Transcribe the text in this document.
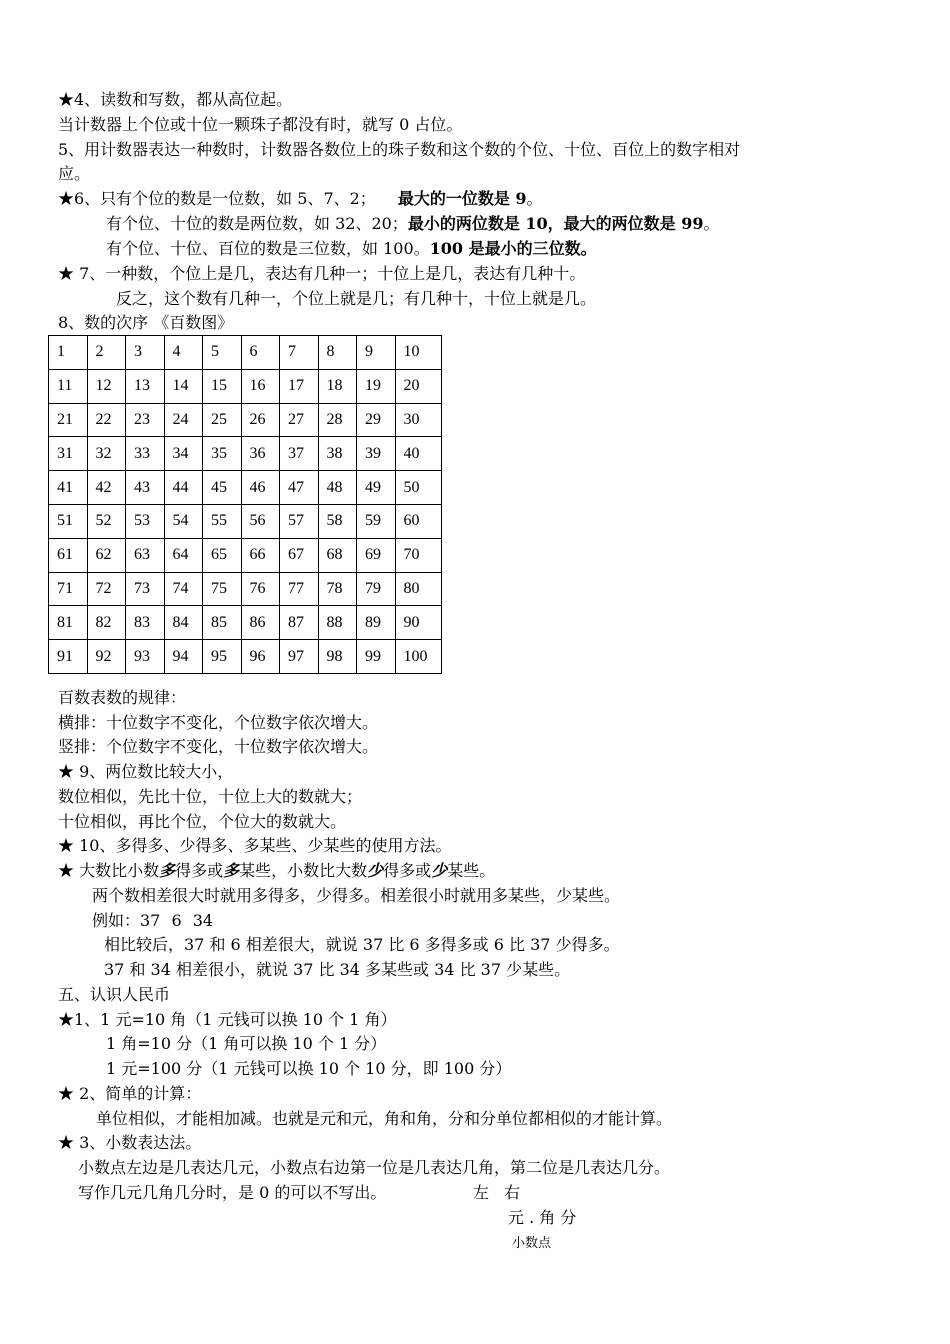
★4、读数和写数，都从高位起。
当计数器上个位或十位一颗珠子都没有时，就写 0 占位。
5、用计数器表达一种数时，计数器各数位上的珠子数和这个数的个位、十位、百位上的数字相对
应。
★6、只有个位的数是一位数，如 5、7、2； 最大的一位数是 9。
有个位、十位的数是两位数，如 32、20；最小的两位数是 10，最大的两位数是 99。
有个位、十位、百位的数是三位数，如 100。100 是最小的三位数。
★ 7、一种数，个位上是几，表达有几种一；十位上是几，表达有几种十。
反之，这个数有几种一，个位上就是几；有几种十，十位上就是几。
8、数的次序 《百数图》
1	2	3	4	5	6	7	8	9	10
11	12	13	14	15	16	17	18	19	20
21	22	23	24	25	26	27	28	29	30
31	32	33	34	35	36	37	38	39	40
41	42	43	44	45	46	47	48	49	50
51	52	53	54	55	56	57	58	59	60
61	62	63	64	65	66	67	68	69	70
71	72	73	74	75	76	77	78	79	80
81	82	83	84	85	86	87	88	89	90
91	92	93	94	95	96	97	98	99	100
百数表数的规律：
横排：十位数字不变化，个位数字依次增大。
竖排：个位数字不变化，十位数字依次增大。
★ 9、两位数比较大小，
数位相似，先比十位，十位上大的数就大；
十位相似，再比个位，个位大的数就大。
★ 10、多得多、少得多、多某些、少某些的使用方法。
★ 大数比小数多得多或多某些，小数比大数少得多或少某些。
两个数相差很大时就用多得多，少得多。相差很小时就用多某些，少某些。
例如：37 6 34
相比较后，37 和 6 相差很大，就说 37 比 6 多得多或 6 比 37 少得多。
37 和 34 相差很小，就说 37 比 34 多某些或 34 比 37 少某些。
五、认识人民币
★1、1 元=10 角（1 元钱可以换 10 个 1 角）
1 角=10 分（1 角可以换 10 个 1 分）
1 元=100 分（1 元钱可以换 10 个 10 分，即 100 分）
★ 2、简单的计算：
单位相似，才能相加减。也就是元和元，角和角，分和分单位都相似的才能计算。
★ 3、小数表达法。
小数点左边是几表达几元，小数点右边第一位是几表达几角，第二位是几表达几分。
写作几元几角几分时，是 0 的可以不写出。	左 右
元 . 角 分
小数点
